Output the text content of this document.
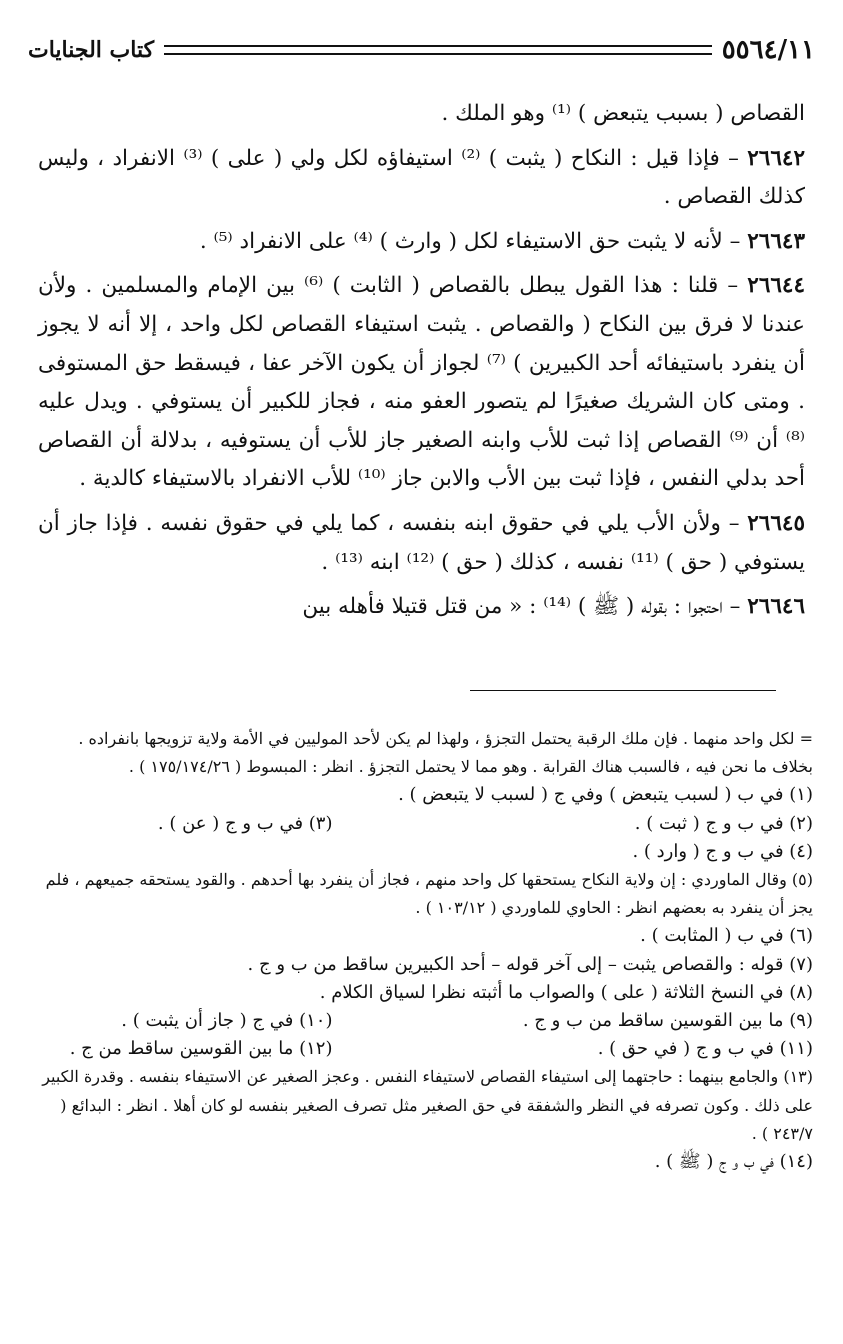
٥٥٦٤/١١
كتاب الجنايات

القصاص ( بسبب يتبعض ) ⁽¹⁾ وهو الملك .

٢٦٦٤٢ – فإذا قيل : النكاح ( يثبت ) ⁽²⁾ استيفاؤه لكل ولي ( على ) ⁽³⁾ الانفراد ، وليس كذلك القصاص .

٢٦٦٤٣ – لأنه لا يثبت حق الاستيفاء لكل ( وارث ) ⁽⁴⁾ على الانفراد ⁽⁵⁾ .

٢٦٦٤٤ – قلنا : هذا القول يبطل بالقصاص ( الثابت ) ⁽⁶⁾ بين الإمام والمسلمين . ولأن عندنا لا فرق بين النكاح ( والقصاص . يثبت استيفاء القصاص لكل واحد ، إلا أنه لا يجوز أن ينفرد باستيفائه أحد الكبيرين ) ⁽⁷⁾ لجواز أن يكون الآخر عفا ، فيسقط حق المستوفى . ومتى كان الشريك صغيرًا لم يتصور العفو منه ، فجاز للكبير أن يستوفي . ويدل عليه ⁽⁸⁾ أن ⁽⁹⁾ القصاص إذا ثبت للأب وابنه الصغير جاز للأب أن يستوفيه ، بدلالة أن القصاص أحد بدلي النفس ، فإذا ثبت بين الأب والابن جاز ⁽¹⁰⁾ للأب الانفراد بالاستيفاء كالدية .

٢٦٦٤٥ – ولأن الأب يلي في حقوق ابنه بنفسه ، كما يلي في حقوق نفسه . فإذا جاز أن يستوفي ( حق ) ⁽¹¹⁾ نفسه ، كذلك ( حق ) ⁽¹²⁾ ابنه ⁽¹³⁾ .

٢٦٦٤٦ – احتجوا : بقوله ( ﷺ ) ⁽¹⁴⁾ : « من قتل قتيلا فأهله بين

= لكل واحد منهما . فإن ملك الرقبة يحتمل التجزؤ ، ولهذا لم يكن لأحد الموليين في الأمة ولاية تزويجها بانفراده . بخلاف ما نحن فيه ، فالسبب هناك القرابة . وهو مما لا يحتمل التجزؤ . انظر : المبسوط ( ١٧٥/١٧٤/٢٦ ) .

(١) في ب ( لسبب يتبعض ) وفي ج ( لسبب لا يتبعض ) .

(٢) في ب و ج ( ثبت ) .
(٣) في ب و ج ( عن ) .

(٤) في ب و ج ( وارد ) .

(٥) وقال الماوردي : إن ولاية النكاح يستحقها كل واحد منهم ، فجاز أن ينفرد بها أحدهم . والقود يستحقه جميعهم ، فلم يجز أن ينفرد به بعضهم انظر : الحاوي للماوردي ( ١٠٣/١٢ ) .

(٦) في ب ( المثابت ) .

(٧) قوله : والقصاص يثبت – إلى آخر قوله – أحد الكبيرين ساقط من ب و ج .

(٨) في النسخ الثلاثة ( على ) والصواب ما أثبته نظرا لسياق الكلام .

(٩) ما بين القوسين ساقط من ب و ج .
(١٠) في ج ( جاز أن يثبت ) .
(١١) في ب و ج ( في حق ) .
(١٢) ما بين القوسين ساقط من ج .

(١٣) والجامع بينهما : حاجتهما إلى استيفاء القصاص لاستيفاء النفس . وعجز الصغير عن الاستيفاء بنفسه . وقدرة الكبير على ذلك . وكون تصرفه في النظر والشفقة في حق الصغير مثل تصرف الصغير بنفسه لو كان أهلا . انظر : البدائع ( ٢٤٣/٧ ) .

(١٤) في ب و ج ( ﷺ ) .
